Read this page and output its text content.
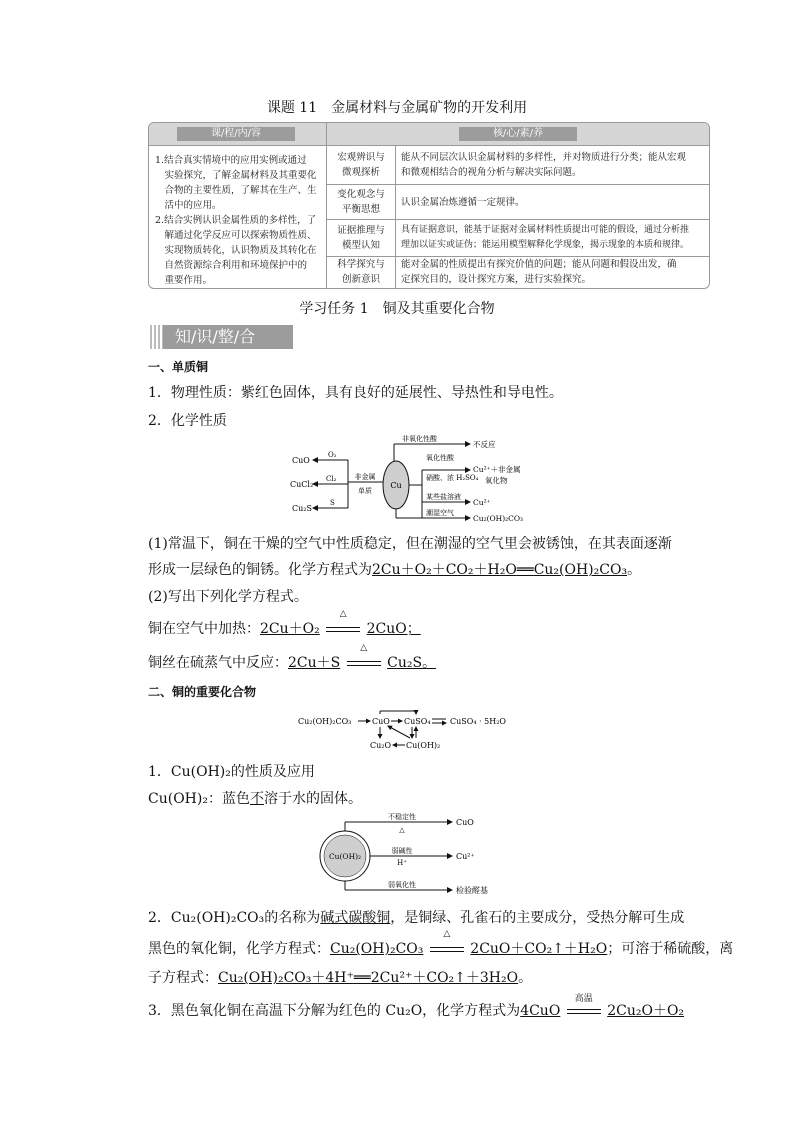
课题 11　金属材料与金属矿物的开发利用
课/程/内/容	核/心/素/养
1.结合真实情境中的应用实例或通过
　实验探究，了解金属材料及其重要化
　合物的主要性质，了解其在生产、生
　活中的应用。
2.结合实例认识金属性质的多样性，了
　解通过化学反应可以探索物质性质、
　实现物质转化，认识物质及其转化在
　自然资源综合利用和环境保护中的
　重要作用。
宏观辨识与
微观探析
能从不同层次认识金属材料的多样性，并对物质进行分类；能从宏观
和微观相结合的视角分析与解决实际问题。
变化观念与
平衡思想
认识金属冶炼遵循一定规律。
证据推理与
模型认知
具有证据意识，能基于证据对金属材料性质提出可能的假设，通过分析推
理加以证实或证伪；能运用模型解释化学现象，揭示现象的本质和规律。
科学探究与
创新意识
能对金属的性质提出有探究价值的问题；能从问题和假设出发，确
定探究目的，设计探究方案，进行实验探究。
学习任务 1　铜及其重要化合物
知/识/整/合
一、单质铜
1．物理性质：紫红色固体，具有良好的延展性、导热性和导电性。
2．化学性质
Cu
CuO
CuCl₂
Cu₂S
O₂
Cl₂
S
非金属
单质
非氧化性酸
氧化性酸
硝酸、浓 H₂SO₄
某些盐溶液
潮湿空气
不反应
Cu²⁺＋非金属
氧化物
Cu²⁺
Cu₂(OH)₂CO₃
(1)常温下，铜在干燥的空气中性质稳定，但在潮湿的空气里会被锈蚀，在其表面逐渐
形成一层绿色的铜锈。化学方程式为2Cu＋O₂＋CO₂＋H₂O══Cu₂(OH)₂CO₃。
(2)写出下列化学方程式。
铜在空气中加热：2Cu＋O₂
△
2CuO；
铜丝在硫蒸气中反应：2Cu＋S
△
Cu₂S。
二、铜的重要化合物
Cu₂(OH)₂CO₃	CuO CuSO₄ CuSO₄ · 5H₂O
Cu₂O Cu(OH)₂
1．Cu(OH)₂的性质及应用
Cu(OH)₂：蓝色不溶于水的固体。
Cu(OH)₂
不稳定性
△
弱碱性
H⁺
弱氧化性
CuO
Cu²⁺
检验醛基
2．Cu₂(OH)₂CO₃的名称为碱式碳酸铜，是铜绿、孔雀石的主要成分，受热分解可生成
黑色的氧化铜，化学方程式：Cu₂(OH)₂CO₃
△
2CuO＋CO₂↑＋H₂O；可溶于稀硫酸，离
子方程式：Cu₂(OH)₂CO₃＋4H⁺══2Cu²⁺＋CO₂↑＋3H₂O。
3．黑色氧化铜在高温下分解为红色的 Cu₂O，化学方程式为4CuO
高温
2Cu₂O＋O₂
